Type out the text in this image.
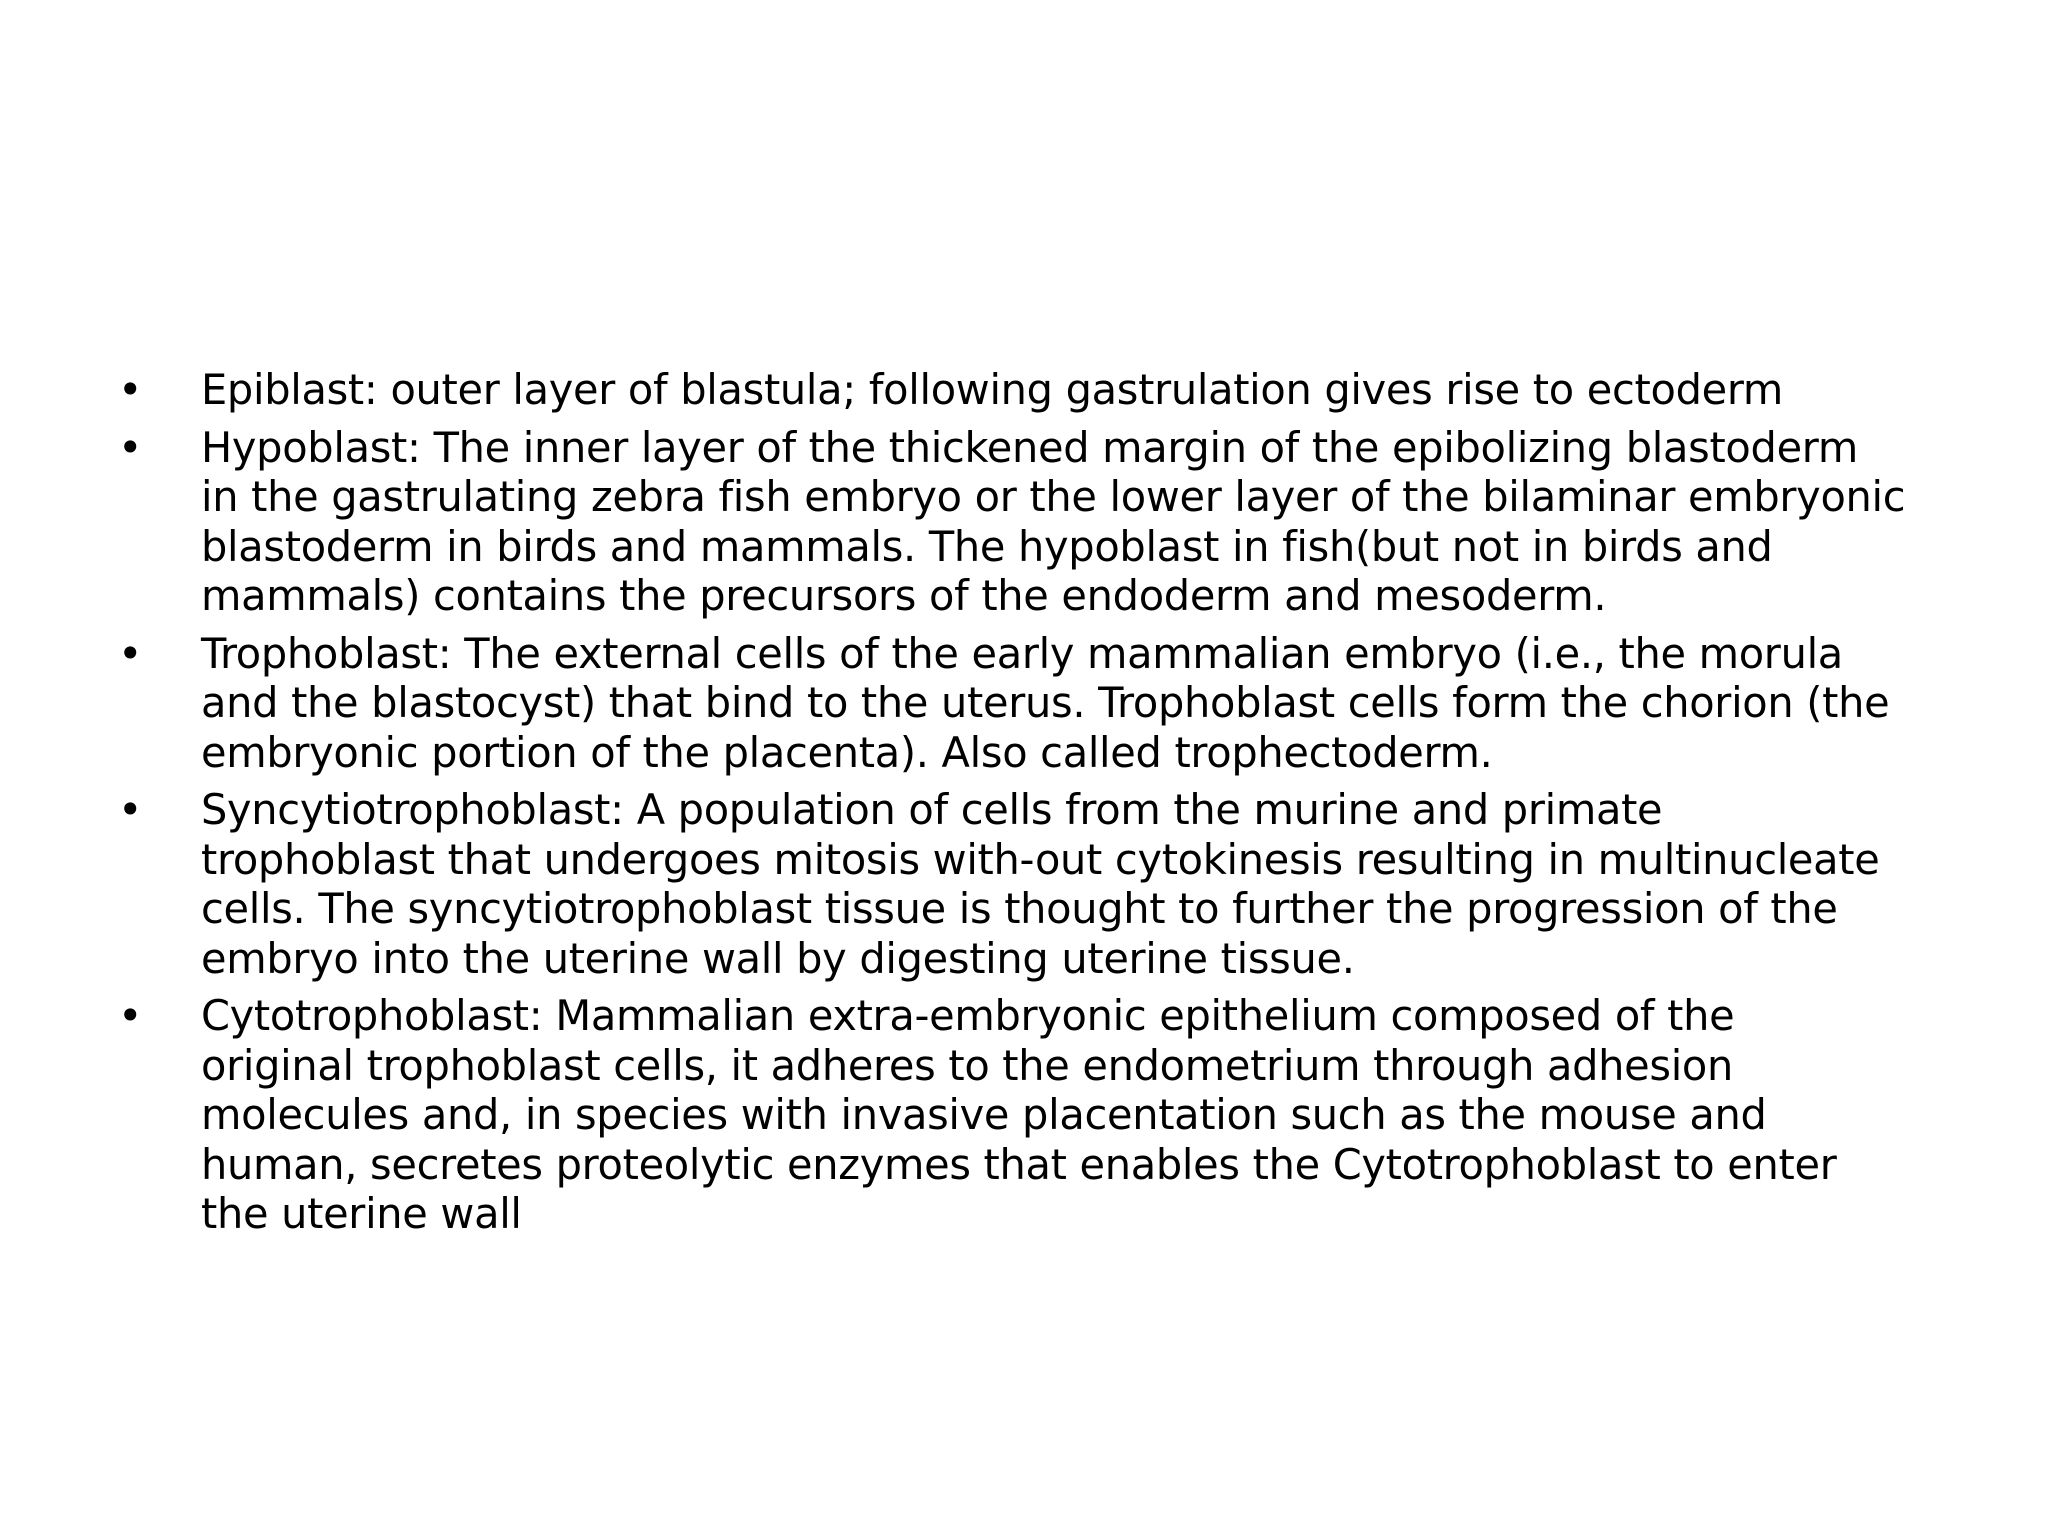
• Epiblast: outer layer of blastula; following gastrulation gives rise to ectoderm
• Hypoblast: The inner layer of the thickened margin of the epibolizing blastoderm
in the gastrulating zebra fish embryo or the lower layer of the bilaminar embryonic
blastoderm in birds and mammals. The hypoblast in fish(but not in birds and
mammals) contains the precursors of the endoderm and mesoderm.
• Trophoblast: The external cells of the early mammalian embryo (i.e., the morula
and the blastocyst) that bind to the uterus. Trophoblast cells form the chorion (the
embryonic portion of the placenta). Also called trophectoderm.
• Syncytiotrophoblast: A population of cells from the murine and primate
trophoblast that undergoes mitosis with-out cytokinesis resulting in multinucleate
cells. The syncytiotrophoblast tissue is thought to further the progression of the
embryo into the uterine wall by digesting uterine tissue.
• Cytotrophoblast: Mammalian extra-embryonic epithelium composed of the
original trophoblast cells, it adheres to the endometrium through adhesion
molecules and, in species with invasive placentation such as the mouse and
human, secretes proteolytic enzymes that enables the Cytotrophoblast to enter
the uterine wall
